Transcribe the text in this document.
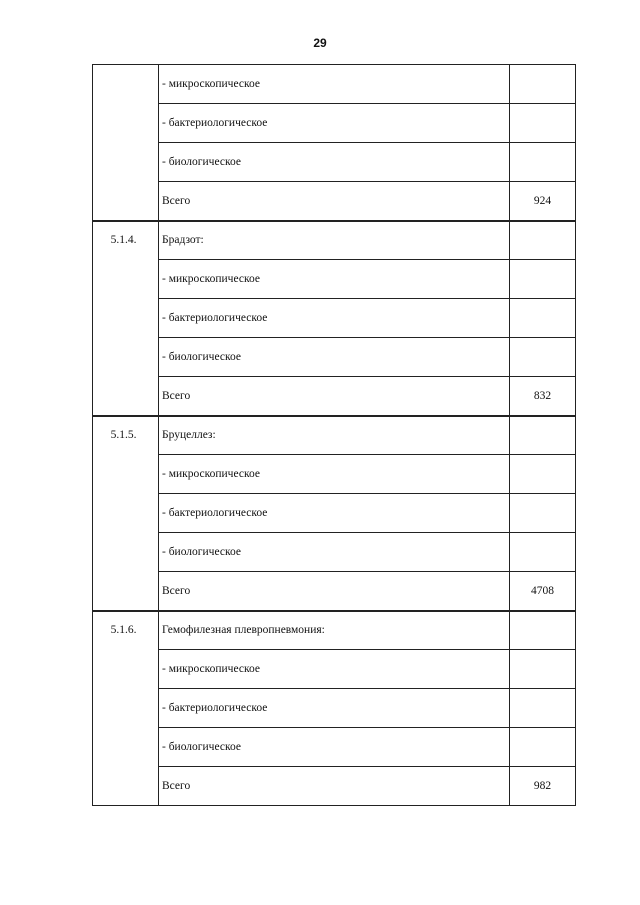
29
	- микроскопическое	
	- бактериологическое	
	- биологическое	
	Всего	924
5.1.4.	Брадзот:	
	- микроскопическое	
	- бактериологическое	
	- биологическое	
	Всего	832
5.1.5.	Бруцеллез:	
	- микроскопическое	
	- бактериологическое	
	- биологическое	
	Всего	4708
5.1.6.	Гемофилезная плевропневмония:	
	- микроскопическое	
	- бактериологическое	
	- биологическое	
	Всего	982
